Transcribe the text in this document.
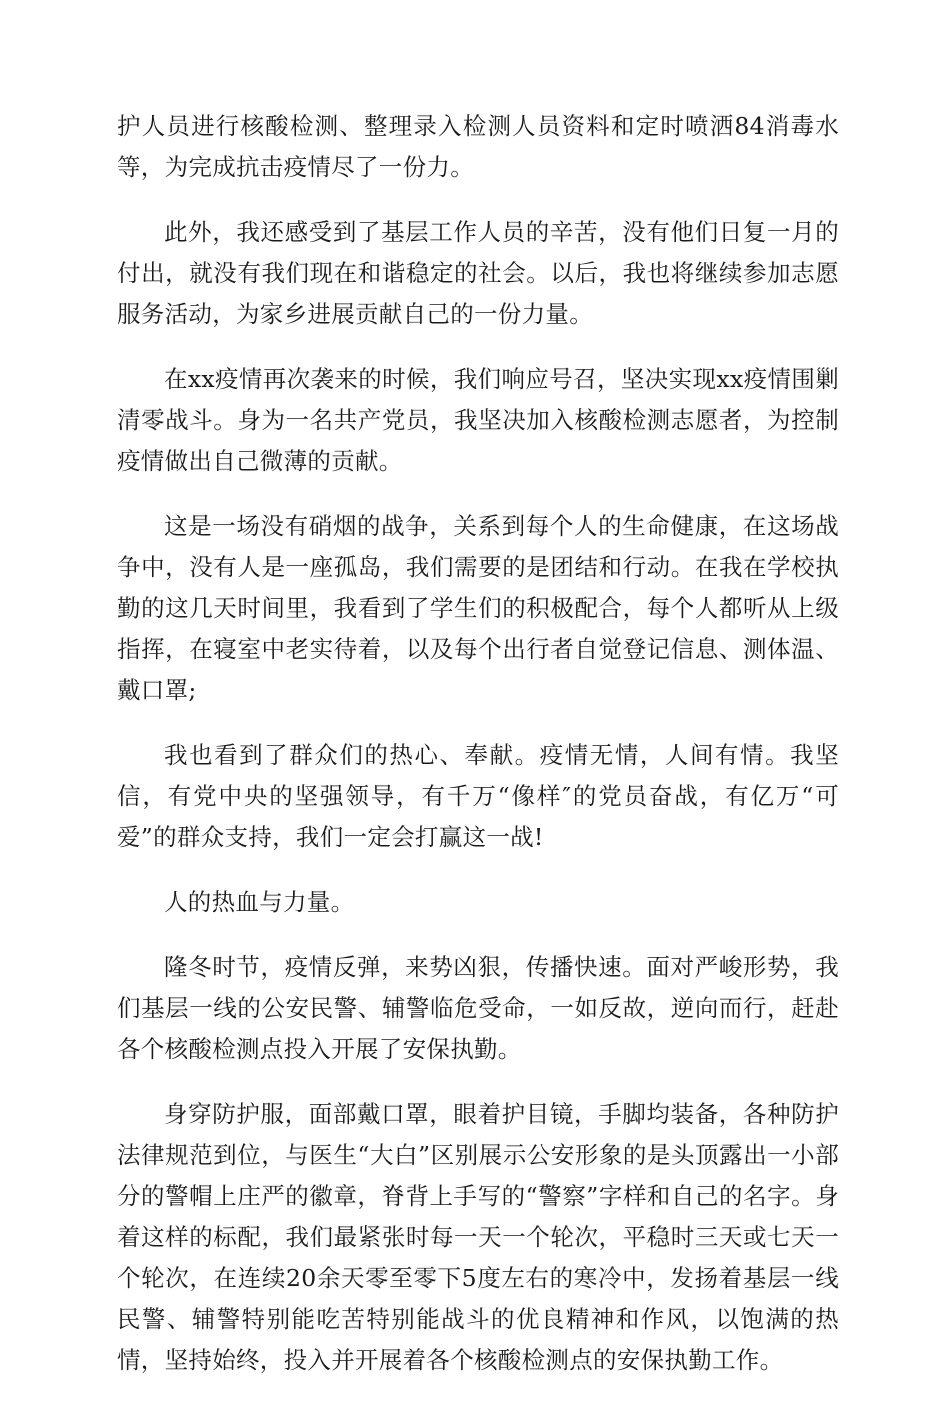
护人员进行核酸检测、整理录入检测人员资料和定时喷洒84消毒水等，为完成抗击疫情尽了一份力。

此外，我还感受到了基层工作人员的辛苦，没有他们日复一月的付出，就没有我们现在和谐稳定的社会。以后，我也将继续参加志愿服务活动，为家乡进展贡献自己的一份力量。

在xx疫情再次袭来的时候，我们响应号召，坚决实现xx疫情围剿清零战斗。身为一名共产党员，我坚决加入核酸检测志愿者，为控制疫情做出自己微薄的贡献。

这是一场没有硝烟的战争，关系到每个人的生命健康，在这场战争中，没有人是一座孤岛，我们需要的是团结和行动。在我在学校执勤的这几天时间里，我看到了学生们的积极配合，每个人都听从上级指挥，在寝室中老实待着，以及每个出行者自觉登记信息、测体温、戴口罩;

我也看到了群众们的热心、奉献。疫情无情，人间有情。我坚信，有党中央的坚强领导，有千万“像样″的党员奋战，有亿万“可爱”的群众支持，我们一定会打赢这一战!

人的热血与力量。

隆冬时节，疫情反弹，来势凶狠，传播快速。面对严峻形势，我们基层一线的公安民警、辅警临危受命，一如反故，逆向而行，赶赴各个核酸检测点投入开展了安保执勤。

身穿防护服，面部戴口罩，眼着护目镜，手脚均装备，各种防护法律规范到位，与医生“大白”区别展示公安形象的是头顶露出一小部分的警帽上庄严的徽章，脊背上手写的“警察”字样和自己的名字。身着这样的标配，我们最紧张时每一天一个轮次，平稳时三天或七天一个轮次，在连续20余天零至零下5度左右的寒冷中，发扬着基层一线民警、辅警特别能吃苦特别能战斗的优良精神和作风，以饱满的热情，坚持始终，投入并开展着各个核酸检测点的安保执勤工作。
